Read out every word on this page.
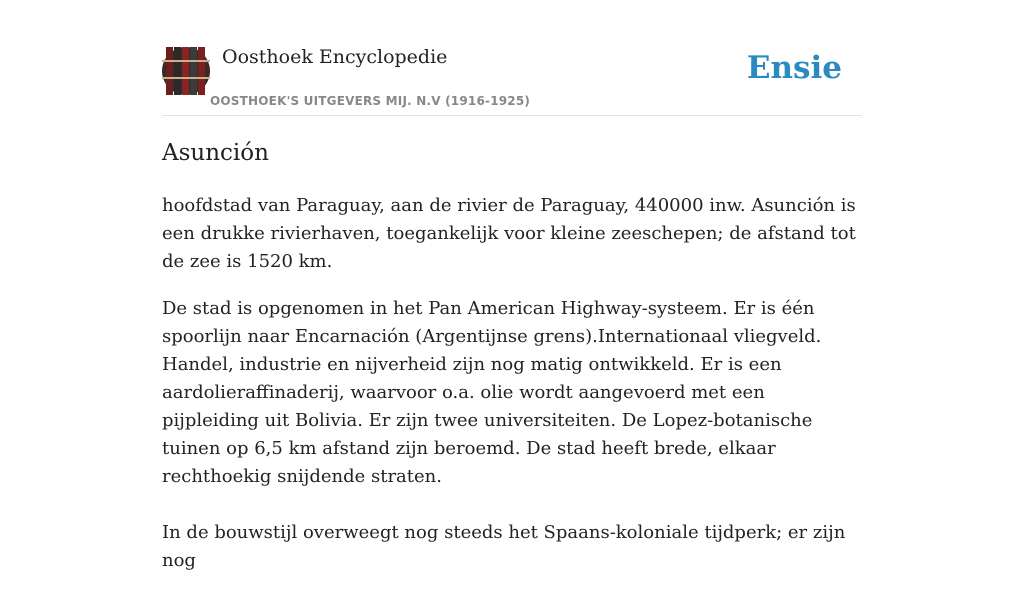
Oosthoek Encyclopedie
OOSTHOEK'S UITGEVERS MIJ. N.V (1916-1925)
Ensie
Asunción

hoofdstad van Paraguay, aan de rivier de Paraguay, 440000 inw. Asunción is een drukke rivierhaven, toegankelijk voor kleine zeeschepen; de afstand tot de zee is 1520 km.

De stad is opgenomen in het Pan American Highway-systeem. Er is één spoorlijn naar Encarnación (Argentijnse grens).Internationaal vliegveld. Handel, industrie en nijverheid zijn nog matig ontwikkeld. Er is een aardolieraffinaderij, waarvoor o.a. olie wordt aangevoerd met een pijpleiding uit Bolivia. Er zijn twee universiteiten. De Lopez-botanische tuinen op 6,5 km afstand zijn beroemd. De stad heeft brede, elkaar rechthoekig snijdende straten.

In de bouwstijl overweegt nog steeds het Spaans-koloniale tijdperk; er zijn nog
